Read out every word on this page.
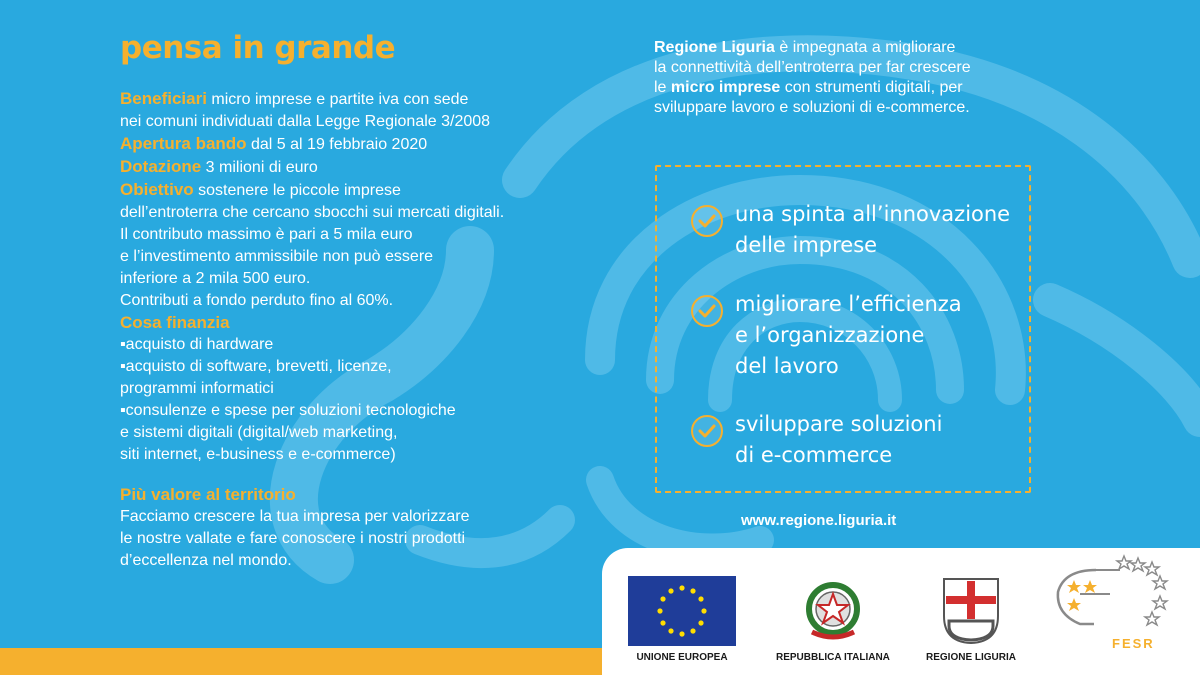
pensa in grande

Beneficiari micro imprese e partite iva con sede
nei comuni individuati dalla Legge Regionale 3/2008

Apertura bando dal 5 al 19 febbraio 2020

Dotazione 3 milioni di euro

Obiettivo sostenere le piccole imprese
dell’entroterra che cercano sbocchi sui mercati digitali.
Il contributo massimo è pari a 5 mila euro
e l’investimento ammissibile non può essere
inferiore a 2 mila 500 euro.
Contributi a fondo perduto fino al 60%.

Cosa finanzia
▪ acquisto di hardware
▪ acquisto di software, brevetti, licenze,
programmi informatici
▪ consulenze e spese per soluzioni tecnologiche
e sistemi digitali (digital/web marketing,
siti internet, e-business e e-commerce)
Più valore al territorio

Facciamo crescere la tua impresa per valorizzare
le nostre vallate e fare conoscere i nostri prodotti
d’eccellenza nel mondo.

Regione Liguria è impegnata a migliorare
la connettività dell’entroterra per far crescere
le micro imprese con strumenti digitali, per
sviluppare lavoro e soluzioni di e-commerce.
una spinta all’innovazione
delle imprese
migliorare l’efficienza
e l’organizzazione
del lavoro
sviluppare soluzioni
di e-commerce
www.regione.liguria.it
UNIONE EUROPEA	REPUBBLICA ITALIANA	REGIONE LIGURIA
FESR
